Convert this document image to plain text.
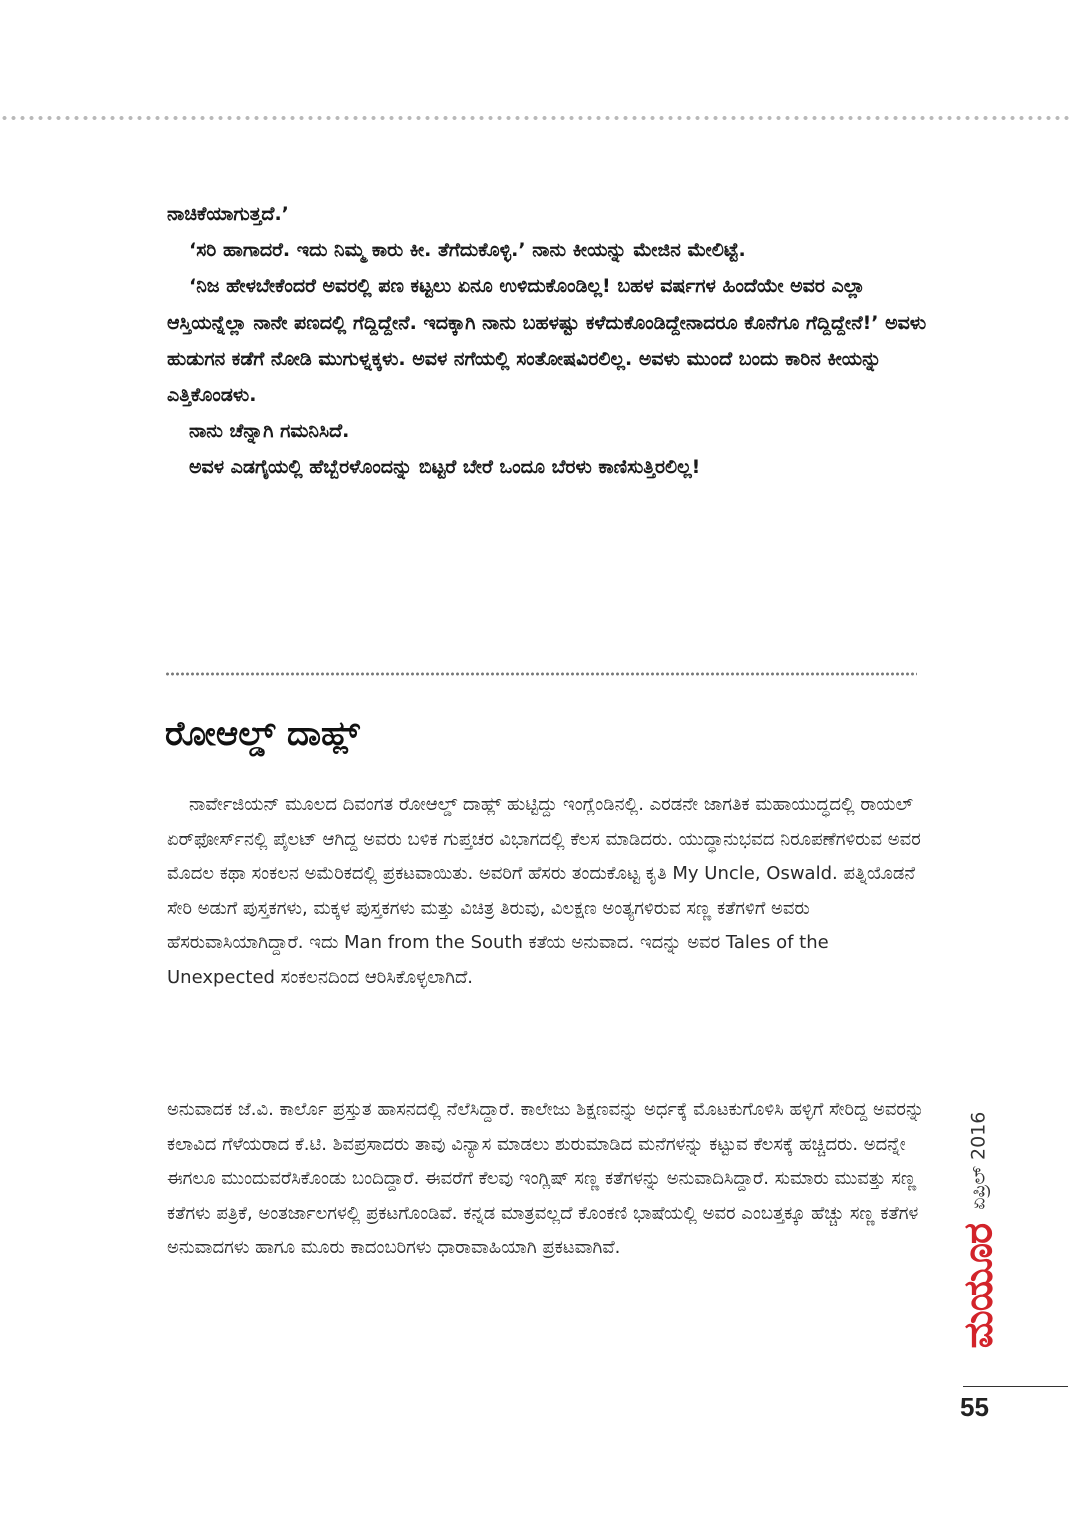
ನಾಚಿಕೆಯಾಗುತ್ತದೆ.’

‘ಸರಿ ಹಾಗಾದರೆ. ಇದು ನಿಮ್ಮ ಕಾರು ಕೀ. ತೆಗೆದುಕೊಳ್ಳಿ.’ ನಾನು ಕೀಯನ್ನು ಮೇಜಿನ ಮೇಲಿಟ್ಟೆ.

‘ನಿಜ ಹೇಳಬೇಕೆಂದರೆ ಅವರಲ್ಲಿ ಪಣ ಕಟ್ಟಲು ಏನೂ ಉಳಿದುಕೊಂಡಿಲ್ಲ! ಬಹಳ ವರ್ಷಗಳ ಹಿಂದೆಯೇ ಅವರ ಎಲ್ಲಾ ಆಸ್ತಿಯನ್ನೆಲ್ಲಾ ನಾನೇ ಪಣದಲ್ಲಿ ಗೆದ್ದಿದ್ದೇನೆ. ಇದಕ್ಕಾಗಿ ನಾನು ಬಹಳಷ್ಟು ಕಳೆದುಕೊಂಡಿದ್ದೇನಾದರೂ ಕೊನೆಗೂ ಗೆದ್ದಿದ್ದೇನೆ!’ ಅವಳು ಹುಡುಗನ ಕಡೆಗೆ ನೋಡಿ ಮುಗುಳ್ನಕ್ಕಳು. ಅವಳ ನಗೆಯಲ್ಲಿ ಸಂತೋಷವಿರಲಿಲ್ಲ. ಅವಳು ಮುಂದೆ ಬಂದು ಕಾರಿನ ಕೀಯನ್ನು ಎತ್ತಿಕೊಂಡಳು.

ನಾನು ಚೆನ್ನಾಗಿ ಗಮನಿಸಿದೆ.

ಅವಳ ಎಡಗೈಯಲ್ಲಿ ಹೆಬ್ಬೆರಳೊಂದನ್ನು ಬಿಟ್ಟರೆ ಬೇರೆ ಒಂದೂ ಬೆರಳು ಕಾಣಿಸುತ್ತಿರಲಿಲ್ಲ!

ರೋಆಲ್ಡ್ ದಾಹ್ಲ್

ನಾರ್ವೇಜಿಯನ್ ಮೂಲದ ದಿವಂಗತ ರೋಆಲ್ಡ್ ದಾಹ್ಲ್ ಹುಟ್ಟಿದ್ದು ಇಂಗ್ಲೆಂಡಿನಲ್ಲಿ. ಎರಡನೇ ಜಾಗತಿಕ ಮಹಾಯುದ್ಧದಲ್ಲಿ ರಾಯಲ್ ಏರ್‌ಫೋರ್ಸ್‌ನಲ್ಲಿ ಪೈಲಟ್ ಆಗಿದ್ದ ಅವರು ಬಳಿಕ ಗುಪ್ತಚರ ವಿಭಾಗದಲ್ಲಿ ಕೆಲಸ ಮಾಡಿದರು. ಯುದ್ಧಾನುಭವದ ನಿರೂಪಣೆಗಳಿರುವ ಅವರ ಮೊದಲ ಕಥಾ ಸಂಕಲನ ಅಮೆರಿಕದಲ್ಲಿ ಪ್ರಕಟವಾಯಿತು. ಅವರಿಗೆ ಹೆಸರು ತಂದುಕೊಟ್ಟ ಕೃತಿ My Uncle, Oswald. ಪತ್ನಿಯೊಡನೆ ಸೇರಿ ಅಡುಗೆ ಪುಸ್ತಕಗಳು, ಮಕ್ಕಳ ಪುಸ್ತಕಗಳು ಮತ್ತು ವಿಚಿತ್ರ ತಿರುವು, ವಿಲಕ್ಷಣ ಅಂತ್ಯಗಳಿರುವ ಸಣ್ಣ ಕತೆಗಳಿಗೆ ಅವರು ಹೆಸರುವಾಸಿಯಾಗಿದ್ದಾರೆ. ಇದು Man from the South ಕತೆಯ ಅನುವಾದ. ಇದನ್ನು ಅವರ Tales of the Unexpected ಸಂಕಲನದಿಂದ ಆರಿಸಿಕೊಳ್ಳಲಾಗಿದೆ.

ಅನುವಾದಕ ಜೆ.ವಿ. ಕಾರ್ಲೊ ಪ್ರಸ್ತುತ ಹಾಸನದಲ್ಲಿ ನೆಲೆಸಿದ್ದಾರೆ. ಕಾಲೇಜು ಶಿಕ್ಷಣವನ್ನು ಅರ್ಧಕ್ಕೆ ಮೊಟಕುಗೊಳಿಸಿ ಹಳ್ಳಿಗೆ ಸೇರಿದ್ದ ಅವರನ್ನು ಕಲಾವಿದ ಗೆಳೆಯರಾದ ಕೆ.ಟಿ. ಶಿವಪ್ರಸಾದರು ತಾವು ವಿನ್ಯಾಸ ಮಾಡಲು ಶುರುಮಾಡಿದ ಮನೆಗಳನ್ನು ಕಟ್ಟುವ ಕೆಲಸಕ್ಕೆ ಹಚ್ಚಿದರು. ಅದನ್ನೇ ಈಗಲೂ ಮುಂದುವರೆಸಿಕೊಂಡು ಬಂದಿದ್ದಾರೆ. ಈವರೆಗೆ ಕೆಲವು ಇಂಗ್ಲಿಷ್ ಸಣ್ಣ ಕತೆಗಳನ್ನು ಅನುವಾದಿಸಿದ್ದಾರೆ. ಸುಮಾರು ಮುವತ್ತು ಸಣ್ಣ ಕತೆಗಳು ಪತ್ರಿಕೆ, ಅಂತರ್ಜಾಲಗಳಲ್ಲಿ ಪ್ರಕಟಗೊಂಡಿವೆ. ಕನ್ನಡ ಮಾತ್ರವಲ್ಲದೆ ಕೊಂಕಣಿ ಭಾಷೆಯಲ್ಲಿ ಅವರ ಎಂಬತ್ತಕ್ಕೂ ಹೆಚ್ಚು ಸಣ್ಣ ಕತೆಗಳ ಅನುವಾದಗಳು ಹಾಗೂ ಮೂರು ಕಾದಂಬರಿಗಳು ಧಾರಾವಾಹಿಯಾಗಿ ಪ್ರಕಟವಾಗಿವೆ.	ಮಯೂರ
ಏಪ್ರಿಲ್ 2016
55
